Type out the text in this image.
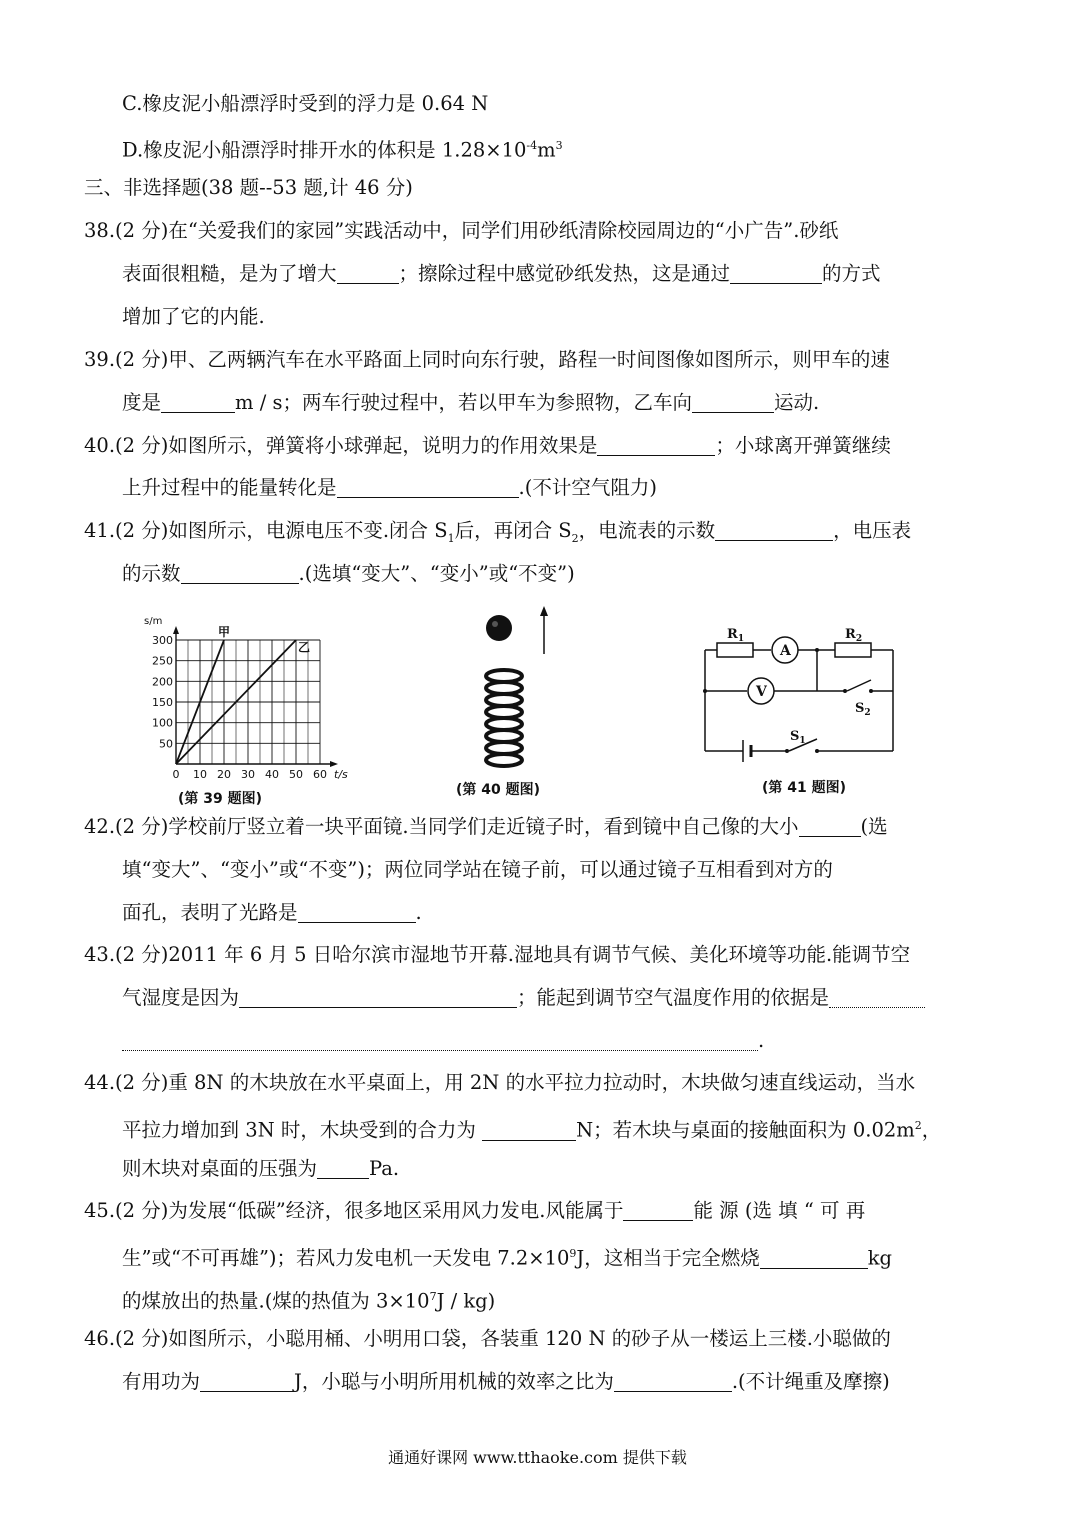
C.橡皮泥小船漂浮时受到的浮力是 0.64 N
D.橡皮泥小船漂浮时排开水的体积是 $1.28\times 10^{-4}m^3$
三、非选择题(38 题--53 题,计 46 分)
38.(2 分)在“关爱我们的家园”实践活动中，同学们用砂纸清除校园周边的“小广告”.砂纸
表面很粗糙，是为了增大	；擦除过程中感觉砂纸发热，这是通过	的方式
增加了它的内能.
39.(2 分)甲、乙两辆汽车在水平路面上同时向东行驶，路程一时间图像如图所示，则甲车的速
度是	m / s；两车行驶过程中，若以甲车为参照物，乙车向	运动.
40.(2 分)如图所示，弹簧将小球弹起，说明力的作用效果是	；小球离开弹簧继续
上升过程中的能量转化是	.(不计空气阻力)
41.(2 分)如图所示，电源电压不变.闭合 $S_1$后，再闭合 $S_2$，电流表的示数	，电压表
的示数	.(选填“变大”、“变小”或“不变”)
300
250
200
150
100
50
0 10 20 30 40 50 60
s/m
t/s
甲
乙
(第 39 题图)
(第 40 题图)
$R_1$	$R_2$
A
V
$S_2$
$S_1$
(第 41 题图)
42.(2 分)学校前厅竖立着一块平面镜.当同学们走近镜子时，看到镜中自己像的大小	(选
填“变大”、“变小”或“不变”)；两位同学站在镜子前，可以通过镜子互相看到对方的
面孔，表明了光路是	.
43.(2 分)2011 年 6 月 5 日哈尔滨市湿地节开幕.湿地具有调节气候、美化环境等功能.能调节空
气湿度是因为	；能起到调节空气温度作用的依据是
.
44.(2 分)重 8N 的木块放在水平桌面上，用 2N 的水平拉力拉动时，木块做匀速直线运动，当水
平拉力增加到 3N 时，木块受到的合力为	N；若木块与桌面的接触面积为 $0.02m^2$，
则木块对桌面的压强为	Pa.
45.(2 分)为发展“低碳”经济，很多地区采用风力发电.风能属于	能 源 (选 填 “ 可 再
生”或“不可再雄”)；若风力发电机一天发电 $7.2\times 10^9J$，这相当于完全燃烧	kg
的煤放出的热量.(煤的热值为 $3\times 10^7J / kg$)
46.(2 分)如图所示，小聪用桶、小明用口袋，各装重 120 N 的砂子从一楼运上三楼.小聪做的
有用功为	J，小聪与小明所用机械的效率之比为	.(不计绳重及摩擦)
通通好课网 www.tthaoke.com 提供下载
